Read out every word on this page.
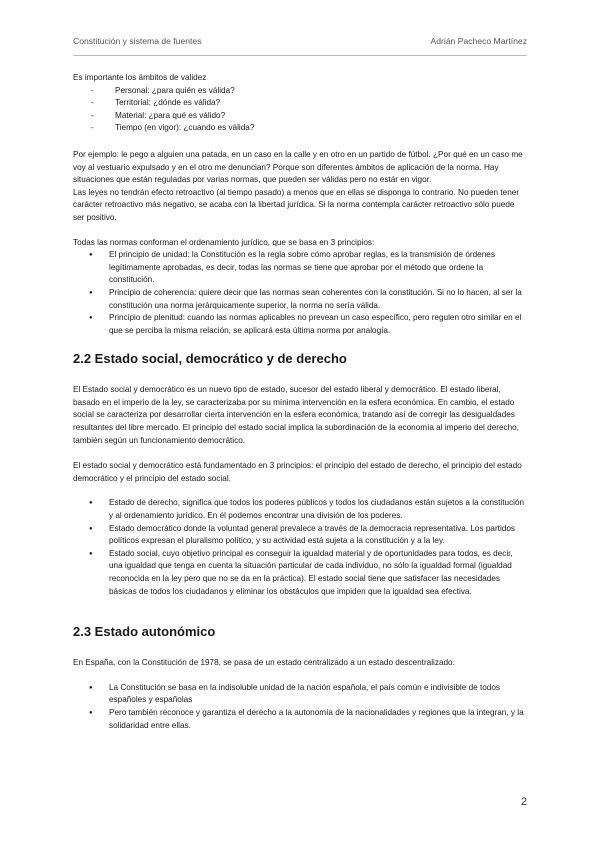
Constitución y sistema de fuentes	Adrián Pacheco Martínez

Es importante los ámbitos de validez

- Personal: ¿para quién es válida?
- Territorial: ¿dónde es válida?
- Material: ¿para qué es válido?
- Tiempo (en vigor): ¿cuando es válida?

Por ejemplo: le pego a alguien una patada, en un caso en la calle y en otro en un partido de fútbol. ¿Por qué en un caso me voy al vestuario expulsado y en el otro me denuncian? Porque son diferentes ámbitos de aplicación de la norma. Hay situaciones que están reguladas por varias normas, que pueden ser válidas pero no estár en vigor.

Las leyes no tendrán efecto retroactivo (al tiempo pasado) a menos que en ellas se disponga lo contrario. No pueden tener carácter retroactivo más negativo, se acaba con la libertad jurídica. Si la norma contempla carácter retroactivo sólo puede ser positivo.

Todas las normas conforman el ordenamiento jurídico, que se basa en 3 principios:

● El principio de unidad: la Constitución es la regla sobre cómo aprobar reglas, es la transmisión de órdenes legítimamente aprobadas, es decir, todas las normas se tiene que aprobar por el método que ordene la constitución.
● Principio de coherencia: quiere decir que las normas sean coherentes con la constitución. Si no lo hacen, al ser la constitución una norma jerárquicamente superior, la norma no sería válida.
● Principio de plenitud: cuando las normas aplicables no prevean un caso específico, pero regulen otro similar en el que se perciba la misma relación, se aplicará esta última norma por analogía.
2.2 Estado social, democrático y de derecho

El Estado social y democrático es un nuevo tipo de estado, sucesor del estado liberal y democrático. El estado liberal, basado en el imperio de la ley, se caracterizaba por su mínima intervención en la esfera económica. En cambio, el estado social se caracteriza por desarrollar cierta intervención en la esfera económica, tratando así de corregir las desigualdades resultantes del libre mercado. El principio del estado social implica la subordinación de la economía al imperio del derecho, también según un funcionamiento democrático.

El estado social y democrático está fundamentado en 3 principios: el principio del estado de derecho, el principio del estado democrático y el principio del estado social.

● Estado de derecho, significa que todos los poderes públicos y todos los ciudadanos están sujetos a la constitución y al ordenamiento jurídico. En él podemos encontrar una división de los poderes.
● Estado democrático donde la voluntad general prevalece a través de la democracia representativa. Los partidos políticos expresan el pluralismo político, y su actividad está sujeta a la constitución y a la ley.
● Estado social, cuyo objetivo principal es conseguir la igualdad material y de oportunidades para todos, es decir, una igualdad que tenga en cuenta la situación particular de cada individuo, no sólo la igualdad formal (igualdad reconocida en la ley pero que no se da en la práctica). El estado social tiene que satisfacer las necesidades básicas de todos los ciudadanos y eliminar los obstáculos que impiden que la igualdad sea efectiva.
2.3 Estado autonómico

En España, con la Constitución de 1978, se pasa de un estado centralizado a un estado descentralizado.

● La Constitución se basa en la indisoluble unidad de la nación española, el país común e indivisible de todos españoles y españolas
● Pero también reconoce y garantiza el derecho a la autonomía de la nacionalidades y regiones que la integran, y la solidaridad entre ellas.
2
